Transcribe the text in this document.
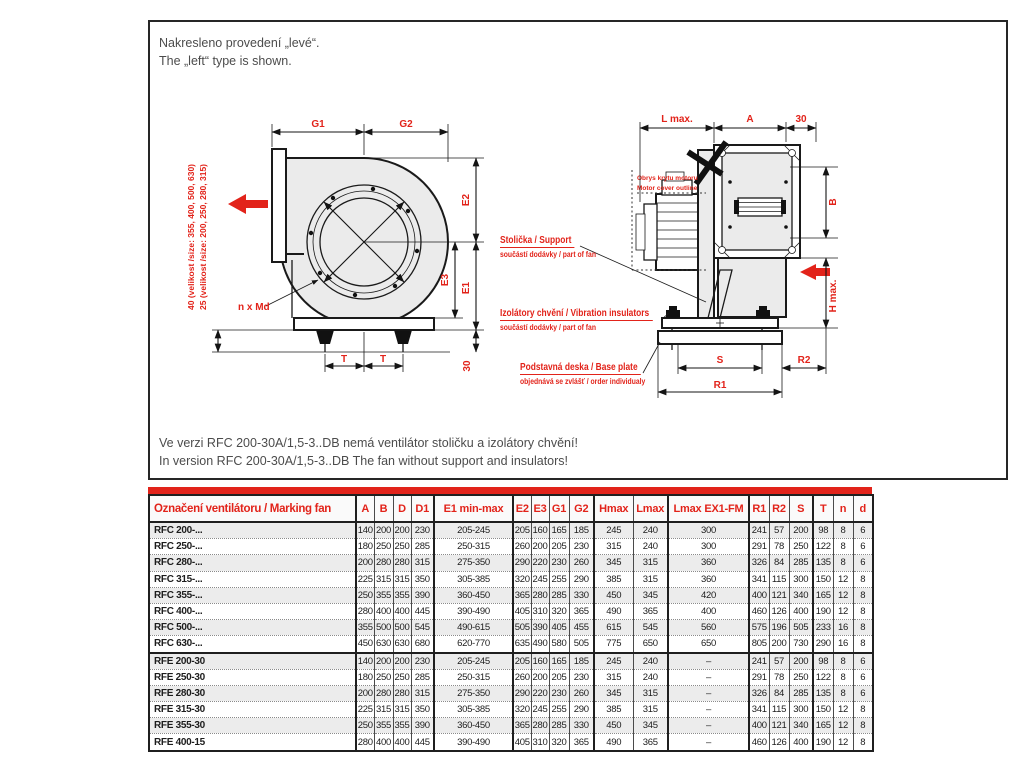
Nakresleno provedení „levé“.
The „left“ type is shown.
G1	G2
E2
E3
E1
30
40 (velikost /size: 355, 400, 500, 630) 25 (velikost /size: 200, 250, 280, 315)	n x Md
T	T
Obrys krytu motoru
Motor cover outline
L max.	A	30
B
H max.
S	R2
R1
Stolička / Support
součástí dodávky / part of fan
Izolátory chvění / Vibration insulators
součástí dodávky / part of fan
Podstavná deska / Base plate
objednává se zvlášť / order individualy
Ve verzi RFC 200-30A/1,5-3..DB nemá ventilátor stoličku a izolátory chvění!
In version RFC 200-30A/1,5-3..DB The fan without support and insulators!
Označení ventilátoru / Marking fan	A	B	D	D1	E1 min-max	E2	E3	G1	G2	Hmax	Lmax	Lmax EX1-FM	R1	R2	S	T	n	d
RFC 200-...	140	200	200	230	205-245	205	160	165	185	245	240	300	241	57	200	98	8	6
RFC 250-...	180	250	250	285	250-315	260	200	205	230	315	240	300	291	78	250	122	8	6
RFC 280-...	200	280	280	315	275-350	290	220	230	260	345	315	360	326	84	285	135	8	6
RFC 315-...	225	315	315	350	305-385	320	245	255	290	385	315	360	341	115	300	150	12	8
RFC 355-...	250	355	355	390	360-450	365	280	285	330	450	345	420	400	121	340	165	12	8
RFC 400-...	280	400	400	445	390-490	405	310	320	365	490	365	400	460	126	400	190	12	8
RFC 500-...	355	500	500	545	490-615	505	390	405	455	615	545	560	575	196	505	233	16	8
RFC 630-...	450	630	630	680	620-770	635	490	580	505	775	650	650	805	200	730	290	16	8
RFE 200-30	140	200	200	230	205-245	205	160	165	185	245	240	–	241	57	200	98	8	6
RFE 250-30	180	250	250	285	250-315	260	200	205	230	315	240	–	291	78	250	122	8	6
RFE 280-30	200	280	280	315	275-350	290	220	230	260	345	315	–	326	84	285	135	8	6
RFE 315-30	225	315	315	350	305-385	320	245	255	290	385	315	–	341	115	300	150	12	8
RFE 355-30	250	355	355	390	360-450	365	280	285	330	450	345	–	400	121	340	165	12	8
RFE 400-15	280	400	400	445	390-490	405	310	320	365	490	365	–	460	126	400	190	12	8
